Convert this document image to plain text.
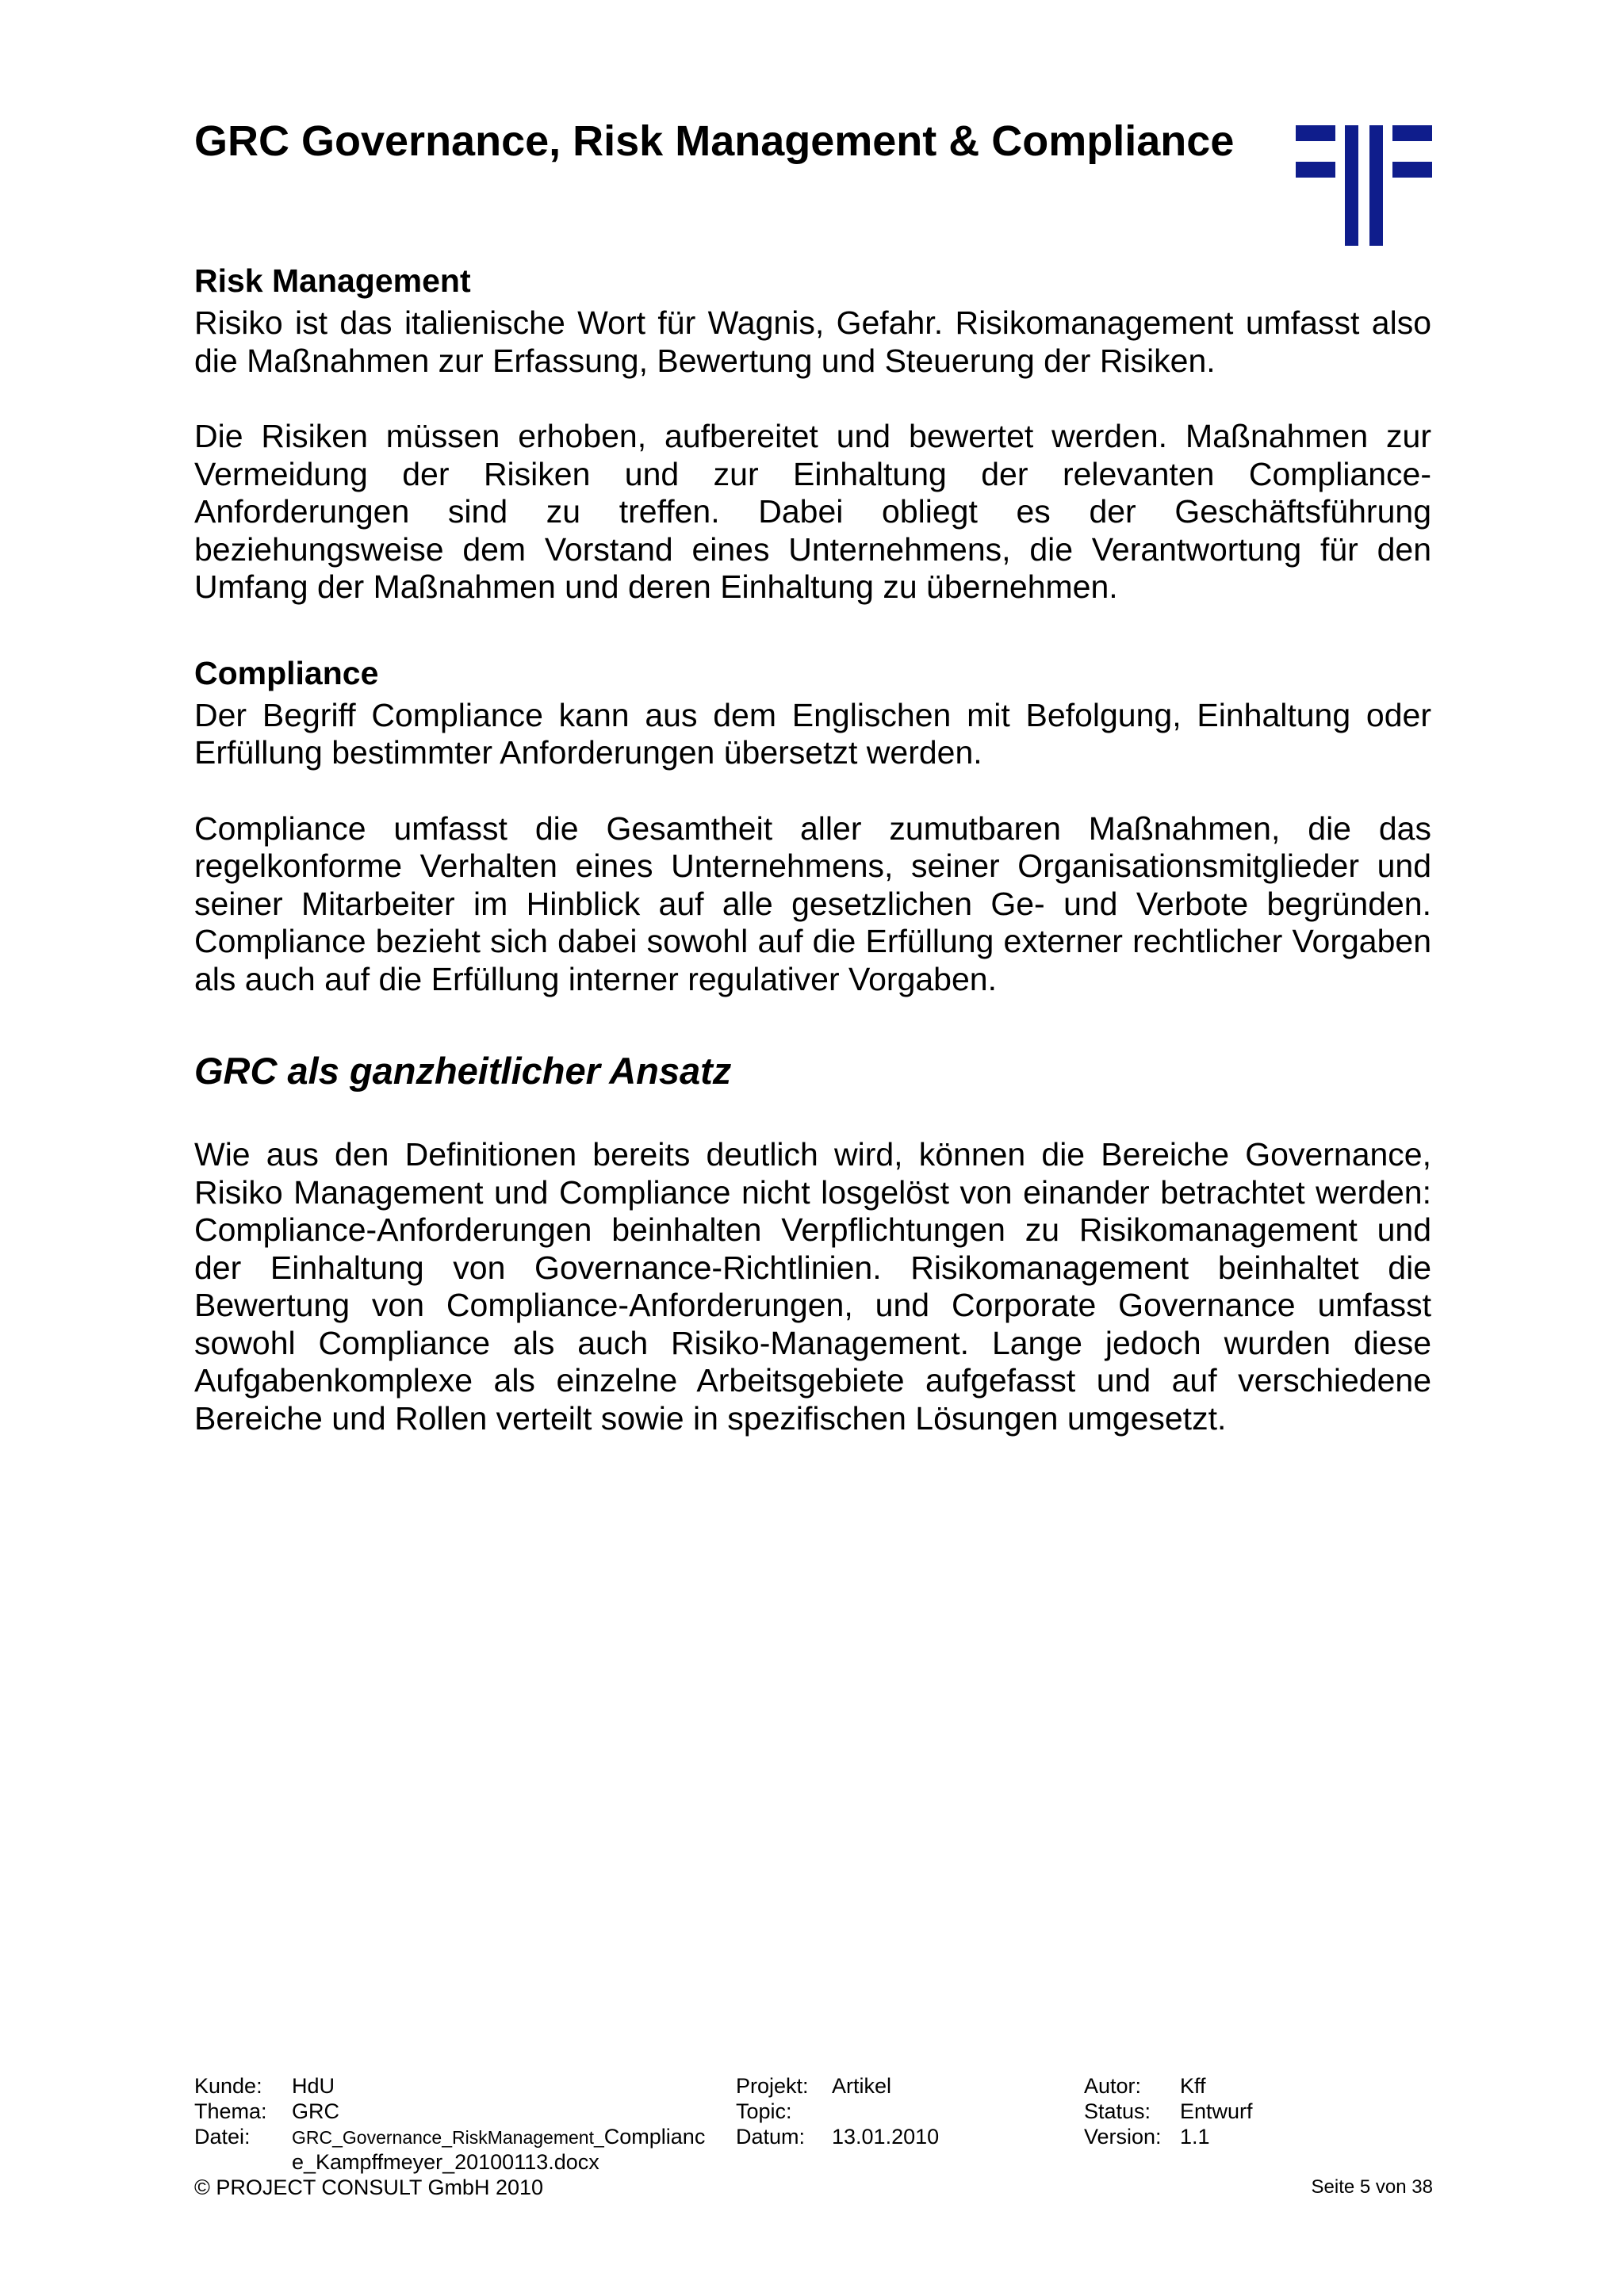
GRC Governance, Risk Management & Compliance
Risk Management

Risiko ist das italienische Wort für Wagnis, Gefahr. Risikomanagement umfasst also die Maßnahmen zur Erfassung, Bewertung und Steuerung der Risiken.

Die Risiken müssen erhoben, aufbereitet und bewertet werden. Maßnahmen zur Vermeidung der Risiken und zur Einhaltung der relevanten Compliance-Anforderungen sind zu treffen. Dabei obliegt es der Geschäftsführung beziehungsweise dem Vorstand eines Unternehmens, die Verantwortung für den Umfang der Maßnahmen und deren Einhaltung zu übernehmen.

Compliance

Der Begriff Compliance kann aus dem Englischen mit Befolgung, Einhaltung oder Erfüllung bestimmter Anforderungen übersetzt werden.

Compliance umfasst die Gesamtheit aller zumutbaren Maßnahmen, die das regelkonforme Verhalten eines Unternehmens, seiner Organisationsmitglieder und seiner Mitarbeiter im Hinblick auf alle gesetzlichen Ge- und Verbote begründen. Compliance bezieht sich dabei sowohl auf die Erfüllung externer rechtlicher Vorgaben als auch auf die Erfüllung interner regulativer Vorgaben.

GRC als ganzheitlicher Ansatz

Wie aus den Definitionen bereits deutlich wird, können die Bereiche Governance, Risiko Management und Compliance nicht losgelöst von einander betrachtet werden: Compliance-Anforderungen beinhalten Verpflichtungen zu Risikomanagement und der Einhaltung von Governance-Richtlinien. Risikomanagement beinhaltet die Bewertung von Compliance-Anforderungen, und Corporate Governance umfasst sowohl Compliance als auch Risiko-Management. Lange jedoch wurden diese Aufgabenkomplexe als einzelne Arbeitsgebiete aufgefasst und auf verschiedene Bereiche und Rollen verteilt sowie in spezifischen Lösungen umgesetzt.

Kunde: HdU	Projekt: Artikel	Autor: Kff
Thema: GRC	Topic:	Status: Entwurf
Datei: GRC_Governance_RiskManagement_Complianc Datum: 13.01.2010	Version: 1.1
e_Kampffmeyer_20100113.docx
© PROJECT CONSULT GmbH 2010	Seite 5 von 38
